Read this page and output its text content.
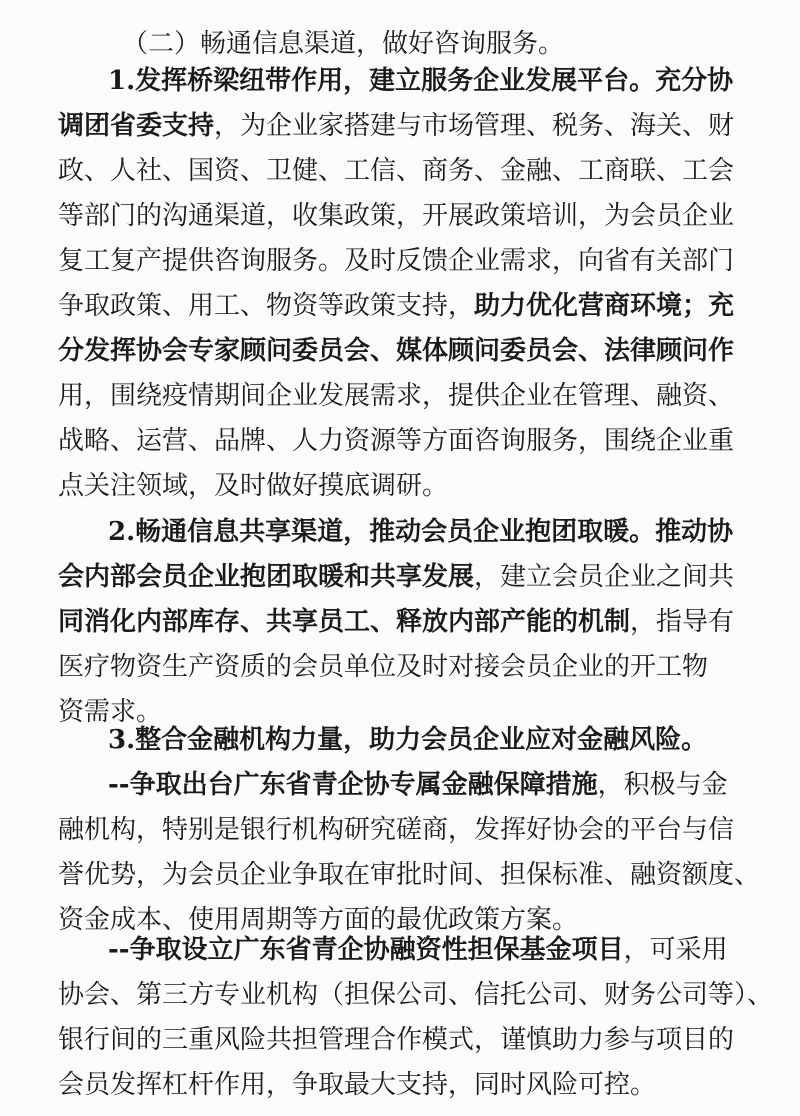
（二）畅通信息渠道，做好咨询服务。
1.发挥桥梁纽带作用，建立服务企业发展平台。充分协
调团省委支持，为企业家搭建与市场管理、税务、海关、财
政、人社、国资、卫健、工信、商务、金融、工商联、工会
等部门的沟通渠道，收集政策，开展政策培训，为会员企业
复工复产提供咨询服务。及时反馈企业需求，向省有关部门
争取政策、用工、物资等政策支持，助力优化营商环境；充
分发挥协会专家顾问委员会、媒体顾问委员会、法律顾问作
用，围绕疫情期间企业发展需求，提供企业在管理、融资、
战略、运营、品牌、人力资源等方面咨询服务，围绕企业重
点关注领域，及时做好摸底调研。
2.畅通信息共享渠道，推动会员企业抱团取暖。推动协
会内部会员企业抱团取暖和共享发展，建立会员企业之间共
同消化内部库存、共享员工、释放内部产能的机制，指导有
医疗物资生产资质的会员单位及时对接会员企业的开工物
资需求。
3.整合金融机构力量，助力会员企业应对金融风险。
--争取出台广东省青企协专属金融保障措施，积极与金
融机构，特别是银行机构研究磋商，发挥好协会的平台与信
誉优势，为会员企业争取在审批时间、担保标准、融资额度、
资金成本、使用周期等方面的最优政策方案。
--争取设立广东省青企协融资性担保基金项目，可采用
协会、第三方专业机构（担保公司、信托公司、财务公司等）、
银行间的三重风险共担管理合作模式，谨慎助力参与项目的
会员发挥杠杆作用，争取最大支持，同时风险可控。
